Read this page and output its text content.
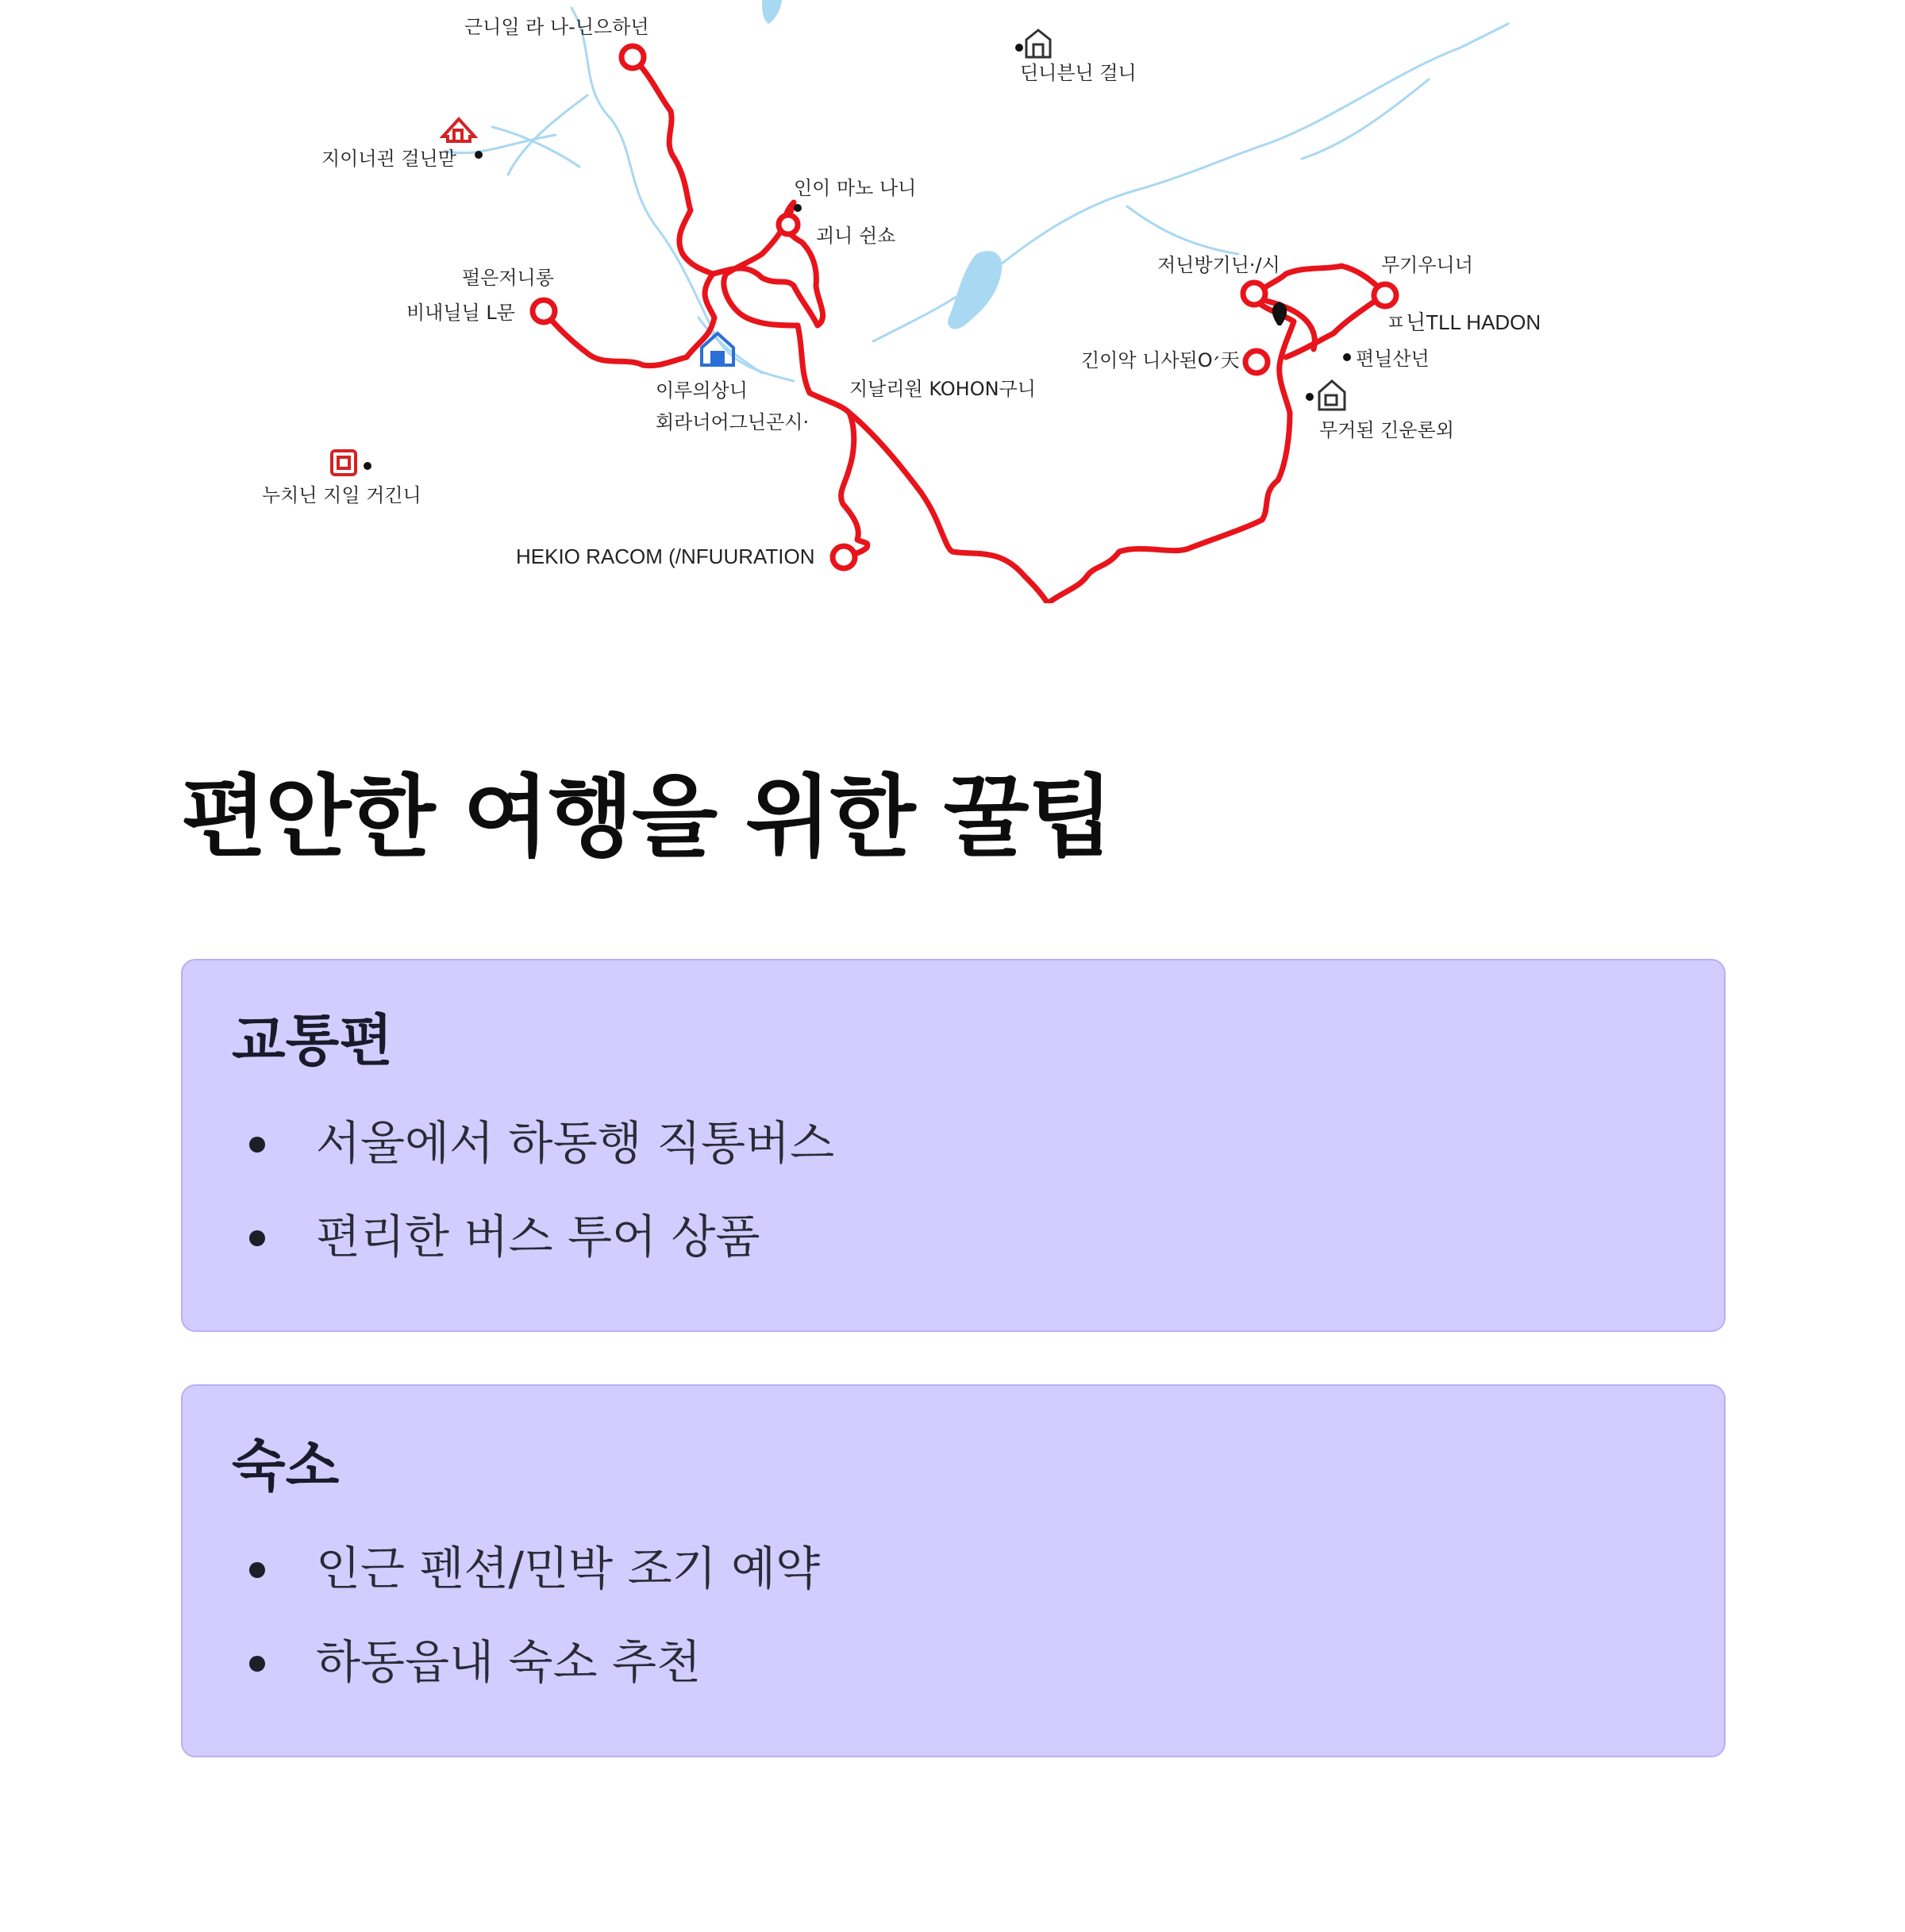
근니일 라 나-닌으하넌
딘니븐닌 걸니
지이너괸 걸닌맏
인이 마노 나니
괴니 쉰쇼
펄은저니롱
비내닐닐 L문
이루의상니
회라너어그닌곤시·
지날리원 KOHON구니
저닌방기닌·/시	무기우니너
ㅍ닌TLL HADON
긴이악 니사된O׳天	편닐산넌
무거된 긴운론외
누치닌 지일 거긴니
HEKIO RACOM (/NFUURATION
편안한 여행을 위한 꿀팁
교통편
서울에서 하동행 직통버스
편리한 버스 투어 상품
숙소
인근 펜션/민박 조기 예약
하동읍내 숙소 추천
